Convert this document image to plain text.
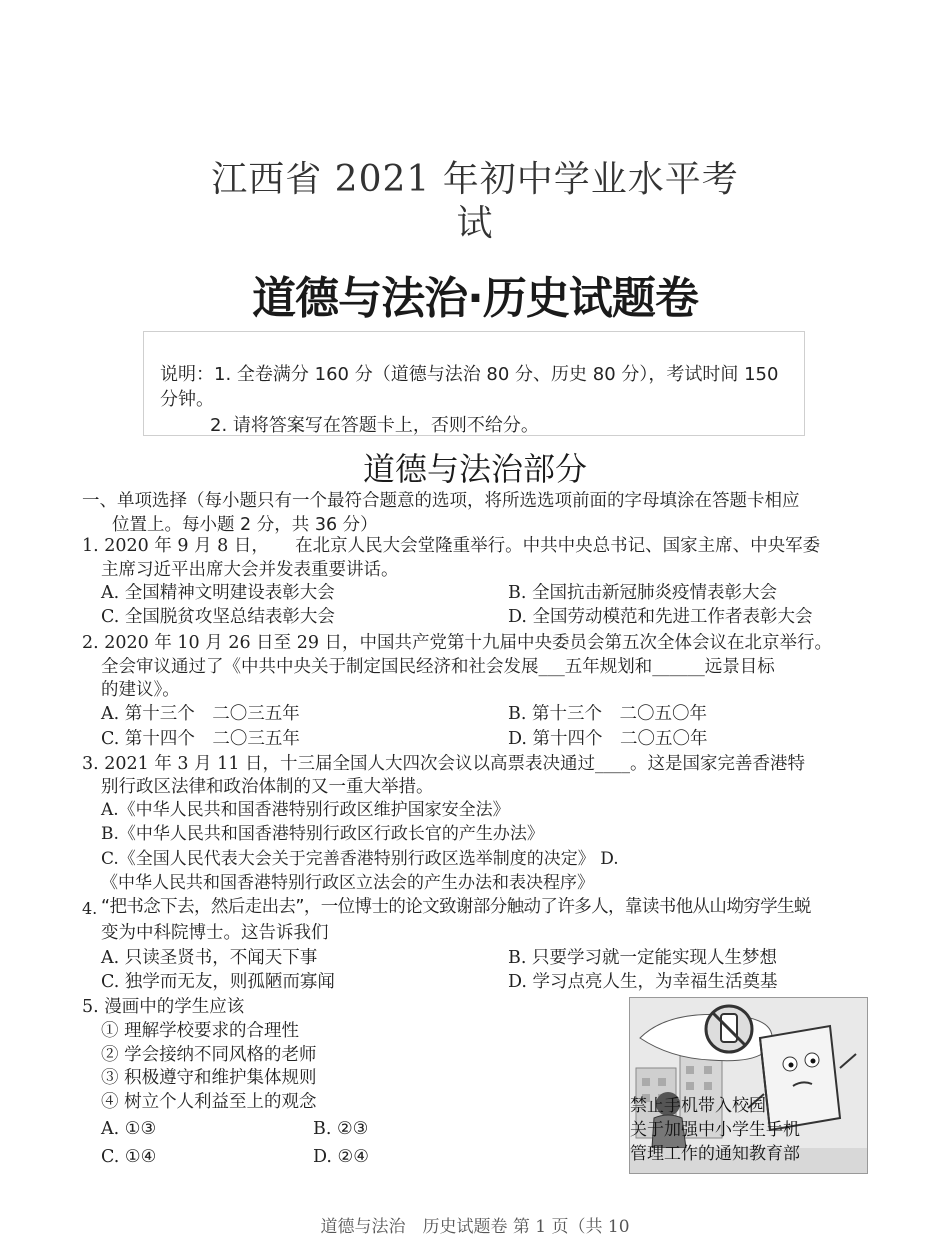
江西省 2021 年初中学业水平考
试
道德与法治·历史试题卷
说明：1. 全卷满分 160 分（道德与法治 80 分、历史 80 分），考试时间 150 分钟。
2. 请将答案写在答题卡上，否则不给分。
道德与法治部分
一、单项选择（每小题只有一个最符合题意的选项，将所选选项前面的字母填涂在答题卡相应
位置上。每小题 2 分，共 36 分）
1. 2020 年 9 月 8 日，　　在北京人民大会堂隆重举行。中共中央总书记、国家主席、中央军委
主席习近平出席大会并发表重要讲话。
A. 全国精神文明建设表彰大会	B. 全国抗击新冠肺炎疫情表彰大会
C. 全国脱贫攻坚总结表彰大会	D. 全国劳动模范和先进工作者表彰大会
2. 2020 年 10 月 26 日至 29 日，中国共产党第十九届中央委员会第五次全体会议在北京举行。
全会审议通过了《中共中央关于制定国民经济和社会发展___五年规划和______远景目标
的建议》。
A. 第十三个　二〇三五年	B. 第十三个　二〇五〇年
C. 第十四个　二〇三五年	D. 第十四个　二〇五〇年
3. 2021 年 3 月 11 日，十三届全国人大四次会议以高票表决通过____。这是国家完善香港特
别行政区法律和政治体制的又一重大举措。
A.《中华人民共和国香港特别行政区维护国家安全法》
B.《中华人民共和国香港特别行政区行政长官的产生办法》
C.《全国人民代表大会关于完善香港特别行政区选举制度的决定》 D.
《中华人民共和国香港特别行政区立法会的产生办法和表决程序》
4. “把书念下去，然后走出去”，一位博士的论文致谢部分触动了许多人，靠读书他从山坳穷学生蜕
变为中科院博士。这告诉我们
A. 只读圣贤书，不闻天下事	B. 只要学习就一定能实现人生梦想
C. 独学而无友，则孤陋而寡闻	D. 学习点亮人生，为幸福生活奠基
5. 漫画中的学生应该
① 理解学校要求的合理性
② 学会接纳不同风格的老师
③ 积极遵守和维护集体规则
④ 树立个人利益至上的观念
A. ①③	B. ②③
C. ①④	D. ②④
禁止手机带入校园
关于加强中小学生手机
管理工作的通知教育部
道德与法治　历史试题卷 第 1 页（共 10
